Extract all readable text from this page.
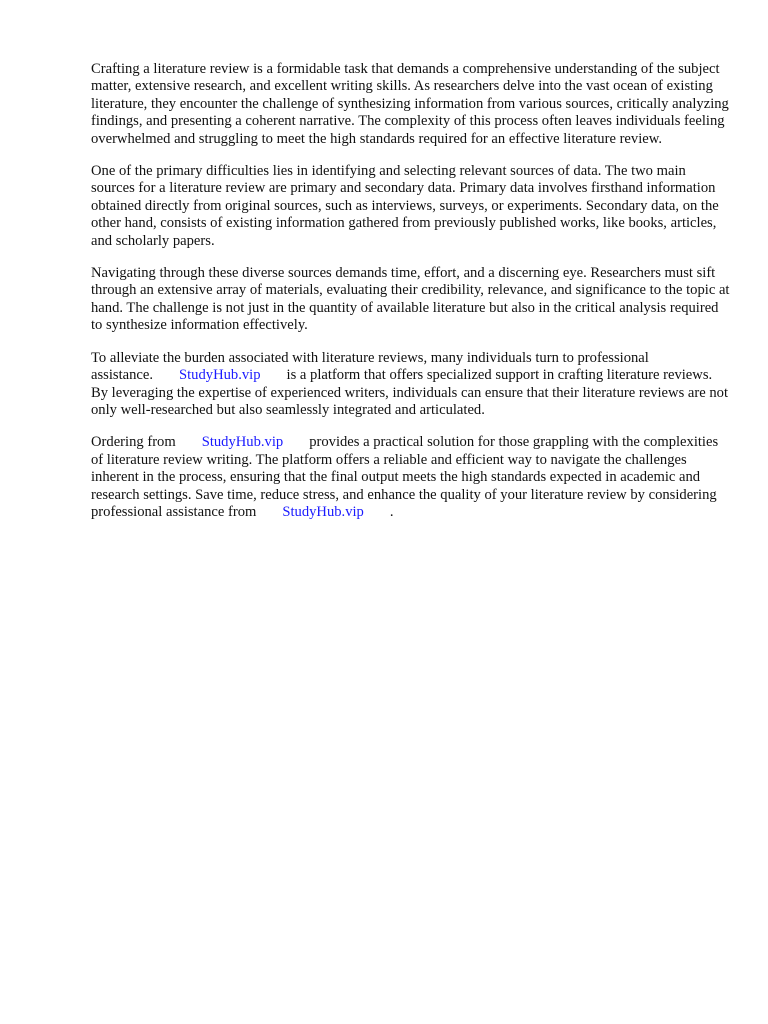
Crafting a literature review is a formidable task that demands a comprehensive understanding of the subject matter, extensive research, and excellent writing skills. As researchers delve into the vast ocean of existing literature, they encounter the challenge of synthesizing information from various sources, critically analyzing findings, and presenting a coherent narrative. The complexity of this process often leaves individuals feeling overwhelmed and struggling to meet the high standards required for an effective literature review.

One of the primary difficulties lies in identifying and selecting relevant sources of data. The two main sources for a literature review are primary and secondary data. Primary data involves firsthand information obtained directly from original sources, such as interviews, surveys, or experiments. Secondary data, on the other hand, consists of existing information gathered from previously published works, like books, articles, and scholarly papers.

Navigating through these diverse sources demands time, effort, and a discerning eye. Researchers must sift through an extensive array of materials, evaluating their credibility, relevance, and significance to the topic at hand. The challenge is not just in the quantity of available literature but also in the critical analysis required to synthesize information effectively.

To alleviate the burden associated with literature reviews, many individuals turn to professional assistance. StudyHub.vip is a platform that offers specialized support in crafting literature reviews. By leveraging the expertise of experienced writers, individuals can ensure that their literature reviews are not only well-researched but also seamlessly integrated and articulated.

Ordering from StudyHub.vip provides a practical solution for those grappling with the complexities of literature review writing. The platform offers a reliable and efficient way to navigate the challenges inherent in the process, ensuring that the final output meets the high standards expected in academic and research settings. Save time, reduce stress, and enhance the quality of your literature review by considering professional assistance from StudyHub.vip .
